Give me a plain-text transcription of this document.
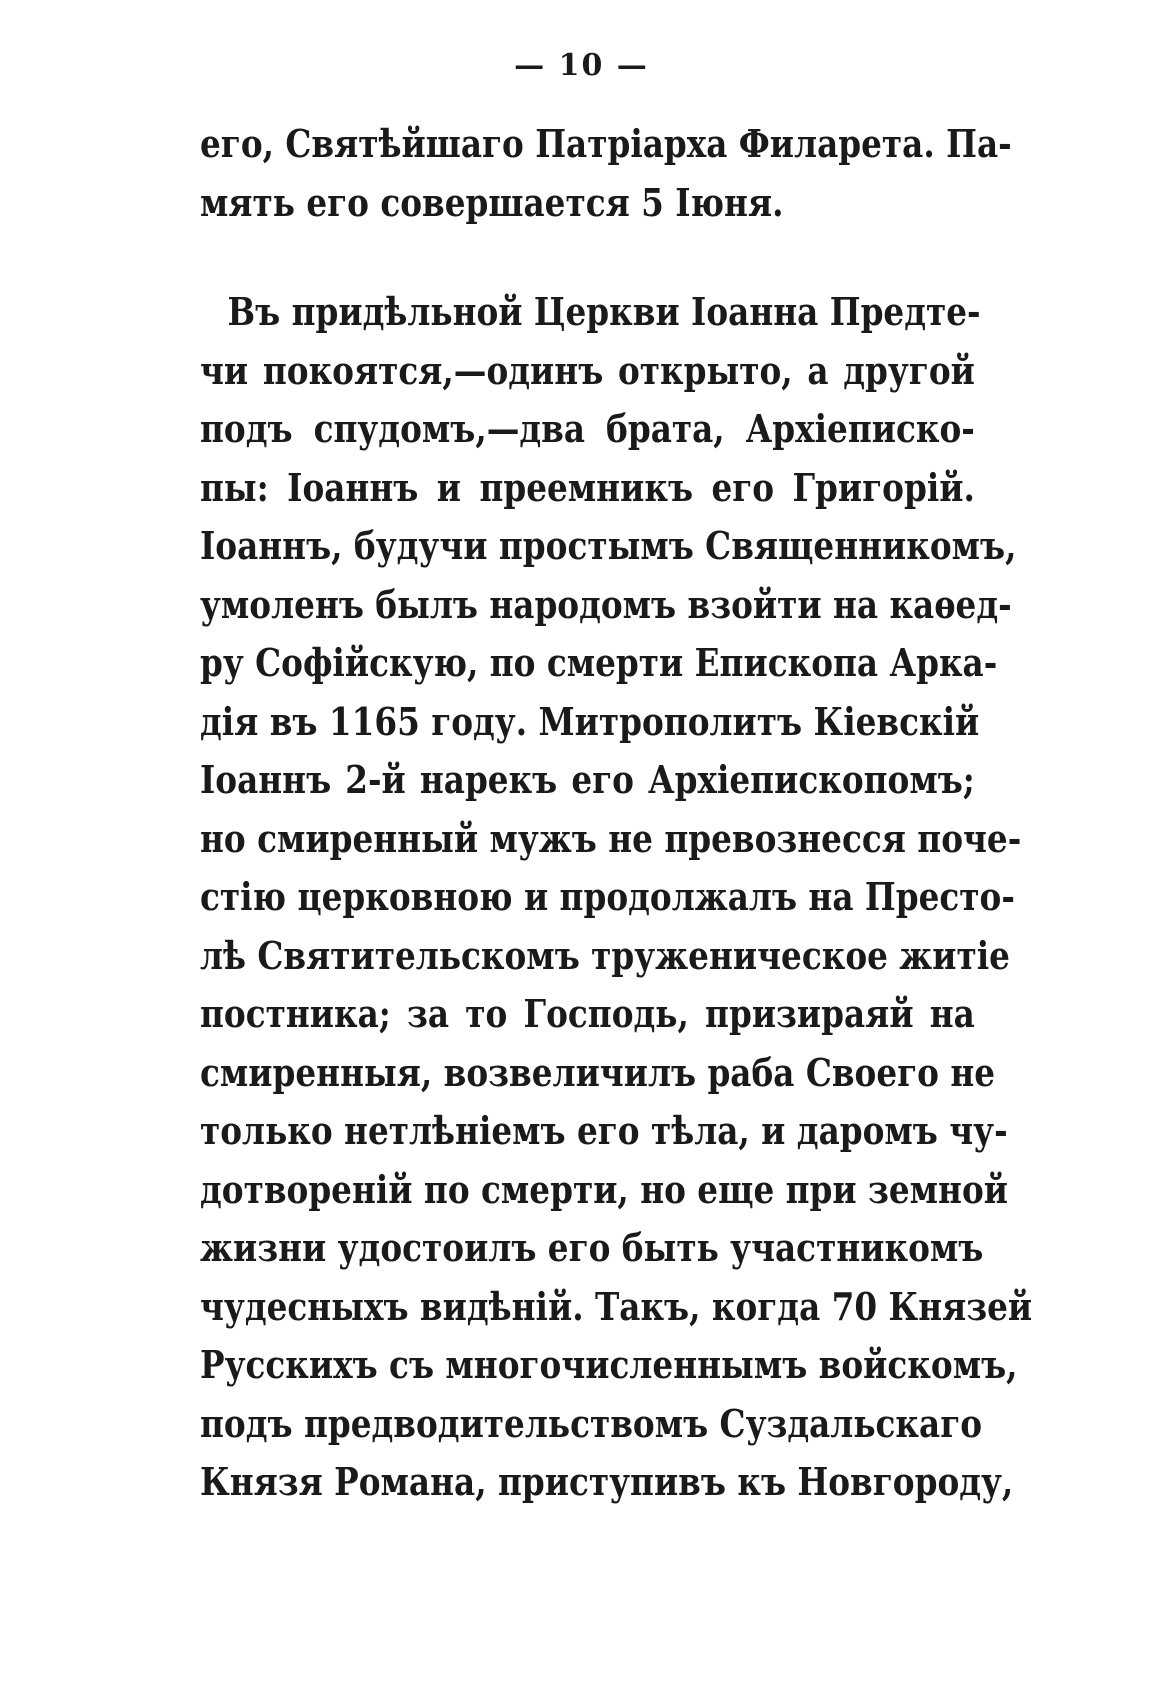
— 10 —
его, Святѣйшаго Патріарха Филарета. Па-
мять его совершается 5 Іюня.
Въ придѣльной Церкви Іоанна Предте-
чи покоятся,—одинъ открыто, а другой
подъ спудомъ,—два брата, Архіеписко-
пы: Іоаннъ и преемникъ его Григорій.
Іоаннъ, будучи простымъ Священникомъ,
умоленъ былъ народомъ взойти на каѳед-
ру Софійскую, по смерти Епископа Арка-
дія въ 1165 году. Митрополитъ Кіевскій
Іоаннъ 2-й нарекъ его Архіепископомъ;
но смиренный мужъ не превознесся поче-
стію церковною и продолжалъ на Престо-
лѣ Святительскомъ труженическое житіе
постника; за то Господь, призираяй на
смиренныя, возвеличилъ раба Своего не
только нетлѣніемъ его тѣла, и даромъ чу-
дотвореній по смерти, но еще при земной
жизни удостоилъ его быть участникомъ
чудесныхъ видѣній. Такъ, когда 70 Князей
Русскихъ съ многочисленнымъ войскомъ,
подъ предводительствомъ Суздальскаго
Князя Романа, приступивъ къ Новгороду,
